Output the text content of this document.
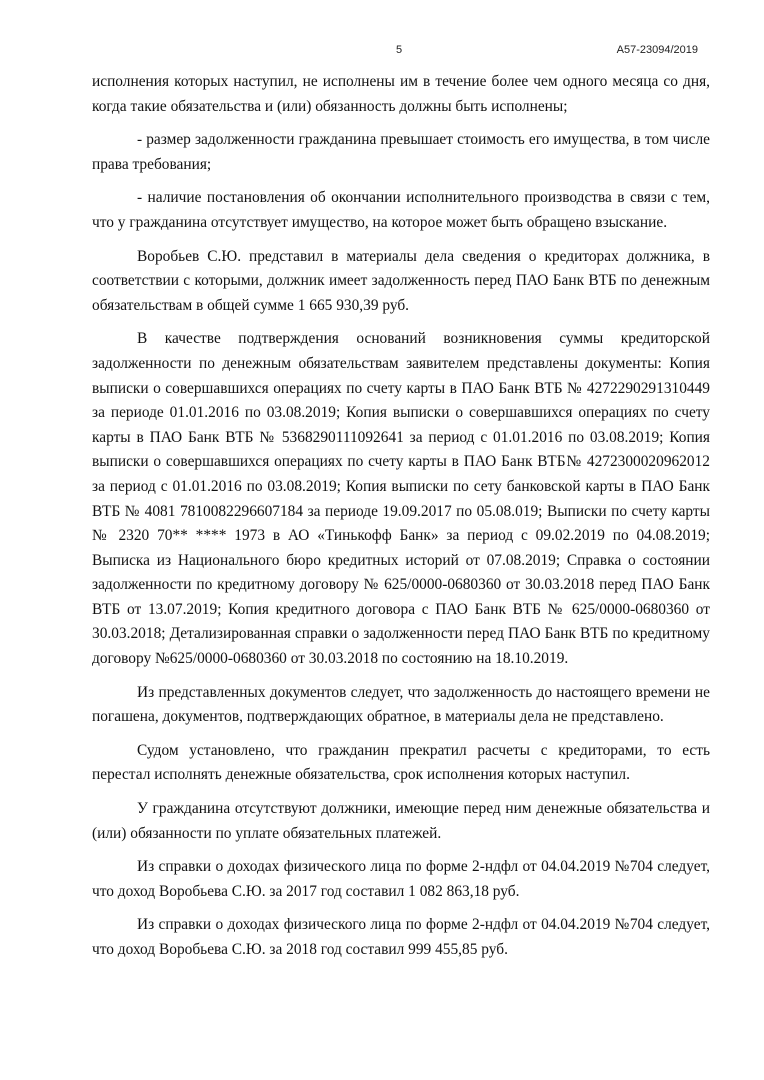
5	А57-23094/2019

исполнения которых наступил, не исполнены им в течение более чем одного месяца со дня, когда такие обязательства и (или) обязанность должны быть исполнены;

- размер задолженности гражданина превышает стоимость его имущества, в том числе права требования;

- наличие постановления об окончании исполнительного производства в связи с тем, что у гражданина отсутствует имущество, на которое может быть обращено взыскание.

Воробьев С.Ю. представил в материалы дела сведения о кредиторах должника, в соответствии с которыми, должник имеет задолженность перед ПАО Банк ВТБ по денежным обязательствам в общей сумме 1 665 930,39 руб.

В качестве подтверждения оснований возникновения суммы кредиторской задолженности по денежным обязательствам заявителем представлены документы: Копия выписки о совершавшихся операциях по счету карты в ПАО Банк ВТБ № 4272290291310449 за периоде 01.01.2016 по 03.08.2019; Копия выписки о совершавшихся операциях по счету карты в ПАО Банк ВТБ № 5368290111092641 за период с 01.01.2016 по 03.08.2019; Копия выписки о совершавшихся операциях по счету карты в ПАО Банк ВТБ№ 4272300020962012 за период с 01.01.2016 по 03.08.2019; Копия выписки по сету банковской карты в ПАО Банк ВТБ № 4081 7810082296607184 за периоде 19.09.2017 по 05.08.019; Выписки по счету карты № 2320 70** **** 1973 в АО «Тинькофф Банк» за период с 09.02.2019 по 04.08.2019; Выписка из Национального бюро кредитных историй от 07.08.2019; Справка о состоянии задолженности по кредитному договору № 625/0000-0680360 от 30.03.2018 перед ПАО Банк ВТБ от 13.07.2019; Копия кредитного договора с ПАО Банк ВТБ № 625/0000-0680360 от 30.03.2018; Детализированная справки о задолженности перед ПАО Банк ВТБ по кредитному договору №625/0000-0680360 от 30.03.2018 по состоянию на 18.10.2019.

Из представленных документов следует, что задолженность до настоящего времени не погашена, документов, подтверждающих обратное, в материалы дела не представлено.

Судом установлено, что гражданин прекратил расчеты с кредиторами, то есть перестал исполнять денежные обязательства, срок исполнения которых наступил.

У гражданина отсутствуют должники, имеющие перед ним денежные обязательства и (или) обязанности по уплате обязательных платежей.

Из справки о доходах физического лица по форме 2-ндфл от 04.04.2019 №704 следует, что доход Воробьева С.Ю. за 2017 год составил 1 082 863,18 руб.

Из справки о доходах физического лица по форме 2-ндфл от 04.04.2019 №704 следует, что доход Воробьева С.Ю. за 2018 год составил 999 455,85 руб.
